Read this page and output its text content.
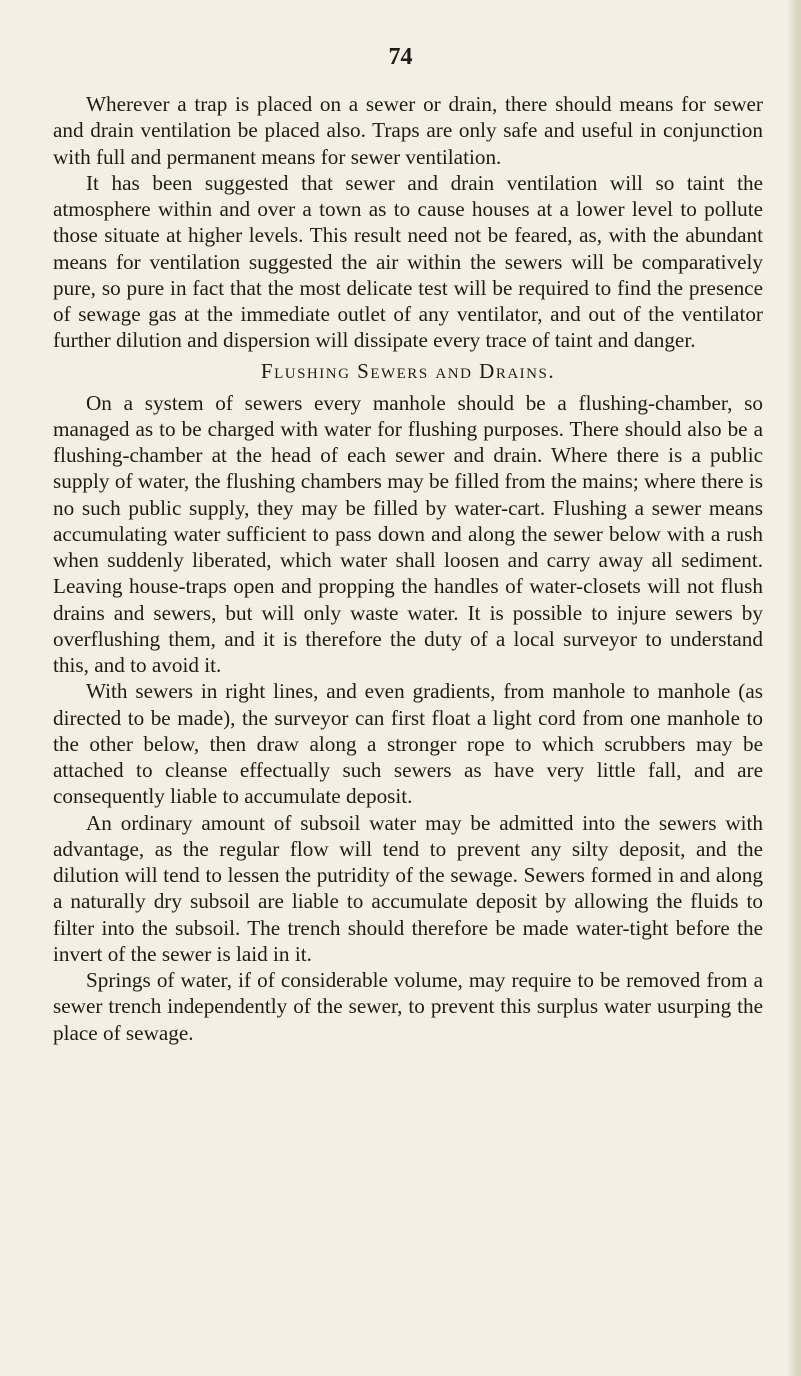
74

Wherever a trap is placed on a sewer or drain, there should means for sewer and drain ventilation be placed also. Traps are only safe and useful in conjunction with full and permanent means for sewer ventilation.

It has been suggested that sewer and drain ventilation will so taint the atmosphere within and over a town as to cause houses at a lower level to pollute those situate at higher levels. This result need not be feared, as, with the abundant means for ventilation suggested the air within the sewers will be comparatively pure, so pure in fact that the most delicate test will be required to find the presence of sewage gas at the immediate outlet of any ventilator, and out of the ventilator further dilution and dispersion will dissipate every trace of taint and danger.

Flushing Sewers and Drains.

On a system of sewers every manhole should be a flushing-chamber, so managed as to be charged with water for flushing purposes. There should also be a flushing-chamber at the head of each sewer and drain. Where there is a public supply of water, the flushing chambers may be filled from the mains; where there is no such public supply, they may be filled by water-cart. Flushing a sewer means accumulating water sufficient to pass down and along the sewer below with a rush when suddenly liberated, which water shall loosen and carry away all sediment. Leaving house-traps open and propping the handles of water-closets will not flush drains and sewers, but will only waste water. It is possible to injure sewers by overflushing them, and it is therefore the duty of a local surveyor to understand this, and to avoid it.

With sewers in right lines, and even gradients, from manhole to manhole (as directed to be made), the surveyor can first float a light cord from one manhole to the other below, then draw along a stronger rope to which scrubbers may be attached to cleanse effectually such sewers as have very little fall, and are consequently liable to accumulate deposit.

An ordinary amount of subsoil water may be admitted into the sewers with advantage, as the regular flow will tend to prevent any silty deposit, and the dilution will tend to lessen the putridity of the sewage. Sewers formed in and along a naturally dry subsoil are liable to accumulate deposit by allowing the fluids to filter into the subsoil. The trench should therefore be made water-tight before the invert of the sewer is laid in it.

Springs of water, if of considerable volume, may require to be removed from a sewer trench independently of the sewer, to prevent this surplus water usurping the place of sewage.
